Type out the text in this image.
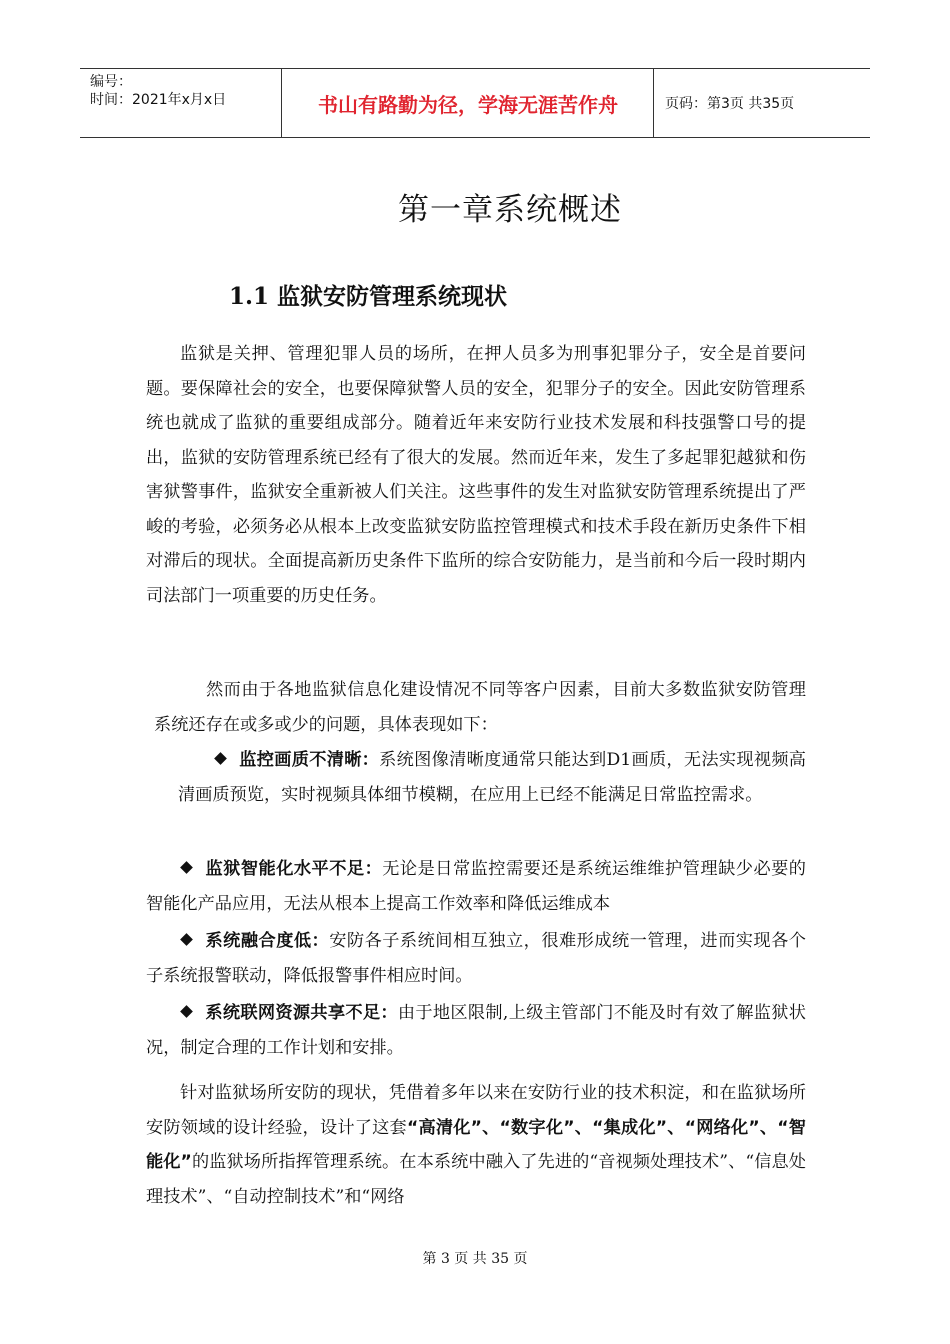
编号：
时间：2021年x月x日	书山有路勤为径，学海无涯苦作舟	页码：第3页 共35页
第一章系统概述
1.1 监狱安防管理系统现状

监狱是关押、管理犯罪人员的场所，在押人员多为刑事犯罪分子，安全是首要问题。要保障社会的安全，也要保障狱警人员的安全，犯罪分子的安全。因此安防管理系统也就成了监狱的重要组成部分。随着近年来安防行业技术发展和科技强警口号的提出，监狱的安防管理系统已经有了很大的发展。然而近年来，发生了多起罪犯越狱和伤害狱警事件，监狱安全重新被人们关注。这些事件的发生对监狱安防管理系统提出了严峻的考验，必须务必从根本上改变监狱安防监控管理模式和技术手段在新历史条件下相对滞后的现状。全面提高新历史条件下监所的综合安防能力，是当前和今后一段时期内司法部门一项重要的历史任务。

然而由于各地监狱信息化建设情况不同等客户因素，目前大多数监狱安防管理系统还存在或多或少的问题，具体表现如下：

监控画质不清晰：系统图像清晰度通常只能达到D1画质，无法实现视频高清画质预览，实时视频具体细节模糊，在应用上已经不能满足日常监控需求。

监狱智能化水平不足：无论是日常监控需要还是系统运维维护管理缺少必要的智能化产品应用，无法从根本上提高工作效率和降低运维成本

系统融合度低：安防各子系统间相互独立，很难形成统一管理，进而实现各个子系统报警联动，降低报警事件相应时间。

系统联网资源共享不足：由于地区限制,上级主管部门不能及时有效了解监狱状况，制定合理的工作计划和安排。

针对监狱场所安防的现状，凭借着多年以来在安防行业的技术积淀，和在监狱场所安防领域的设计经验，设计了这套“高清化”、“数字化”、“集成化”、“网络化”、“智能化”的监狱场所指挥管理系统。在本系统中融入了先进的“音视频处理技术”、“信息处理技术”、“自动控制技术”和“网络

第 3 页 共 35 页
